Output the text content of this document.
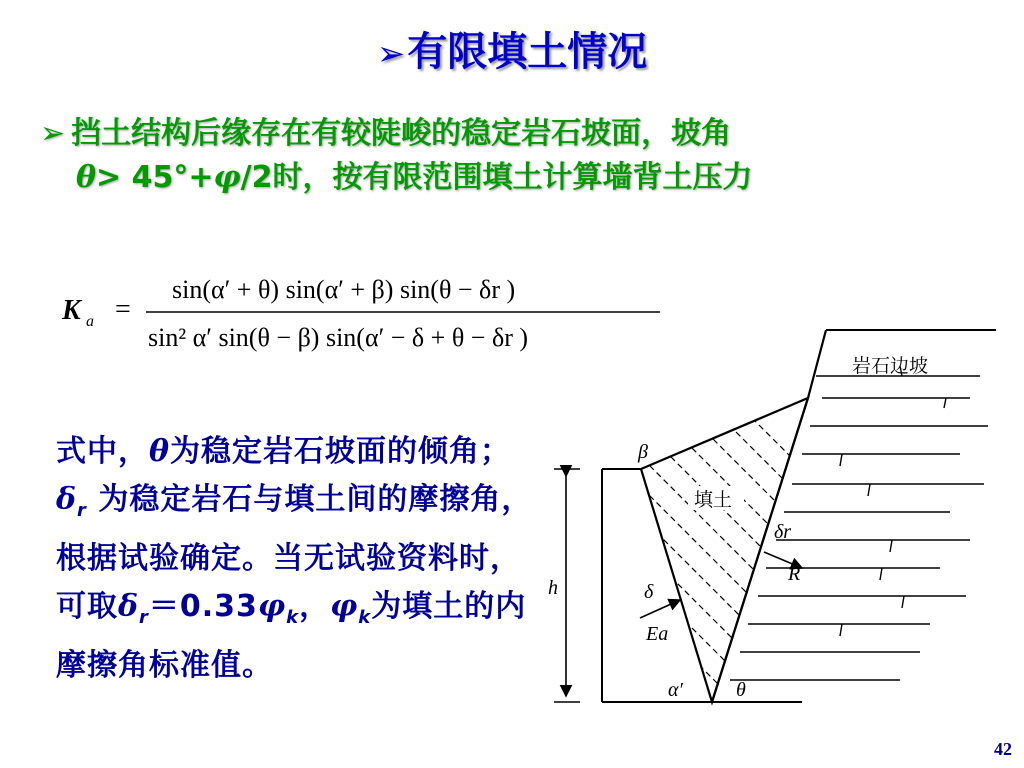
➢有限填土情况
➢ 挡土结构后缘存在有较陡峻的稳定岩石坡面，坡角
θ> 45°+φ/2时，按有限范围填土计算墙背土压力
K a =
sin(α′ + θ) sin(α′ + β) sin(θ − δr )
sin² α′ sin(θ − β) sin(α′ − δ + θ − δr )
式中，θ为稳定岩石坡面的倾角；$\delta_r$ 为稳定岩石与填土间的摩擦角，根据试验确定。当无试验资料时，可取$\delta_r=0.33\varphi_k$，$\varphi_k$为填土的内摩擦角标准值。
岩石边坡
填土
h
β
δr
R
δ
Ea
α′	θ
42
